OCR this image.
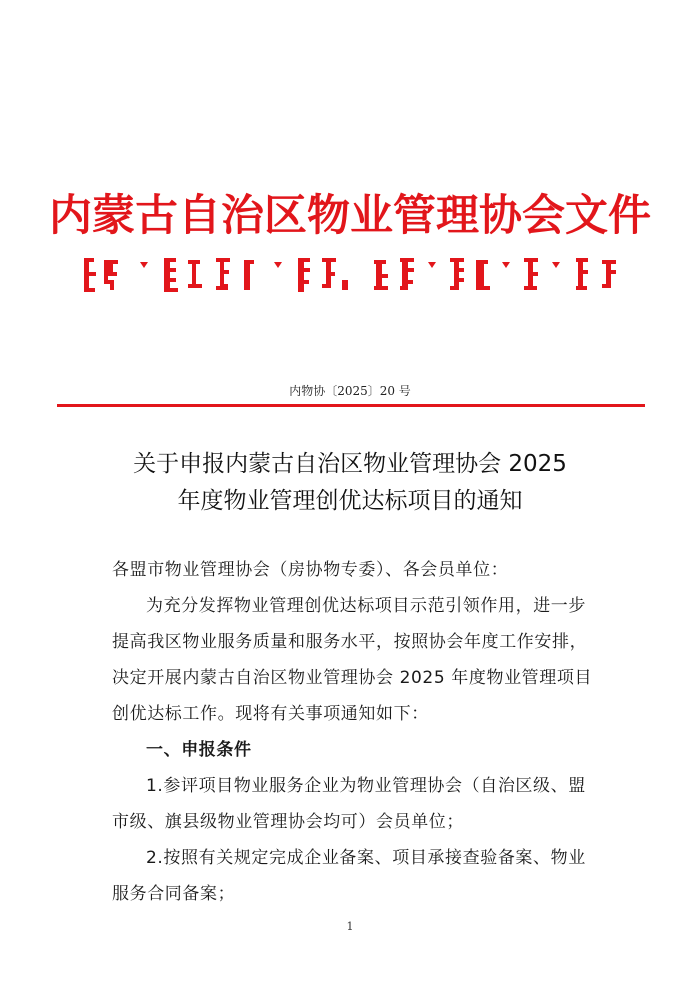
内蒙古自治区物业管理协会文件
内物协〔2025〕20 号
关于申报内蒙古自治区物业管理协会 2025
年度物业管理创优达标项目的通知
各盟市物业管理协会（房协物专委）、各会员单位：
为充分发挥物业管理创优达标项目示范引领作用，进一步提高我区物业服务质量和服务水平，按照协会年度工作安排，决定开展内蒙古自治区物业管理协会 2025 年度物业管理项目创优达标工作。现将有关事项通知如下：
一、申报条件
1.参评项目物业服务企业为物业管理协会（自治区级、盟市级、旗县级物业管理协会均可）会员单位；
2.按照有关规定完成企业备案、项目承接查验备案、物业服务合同备案；
1
